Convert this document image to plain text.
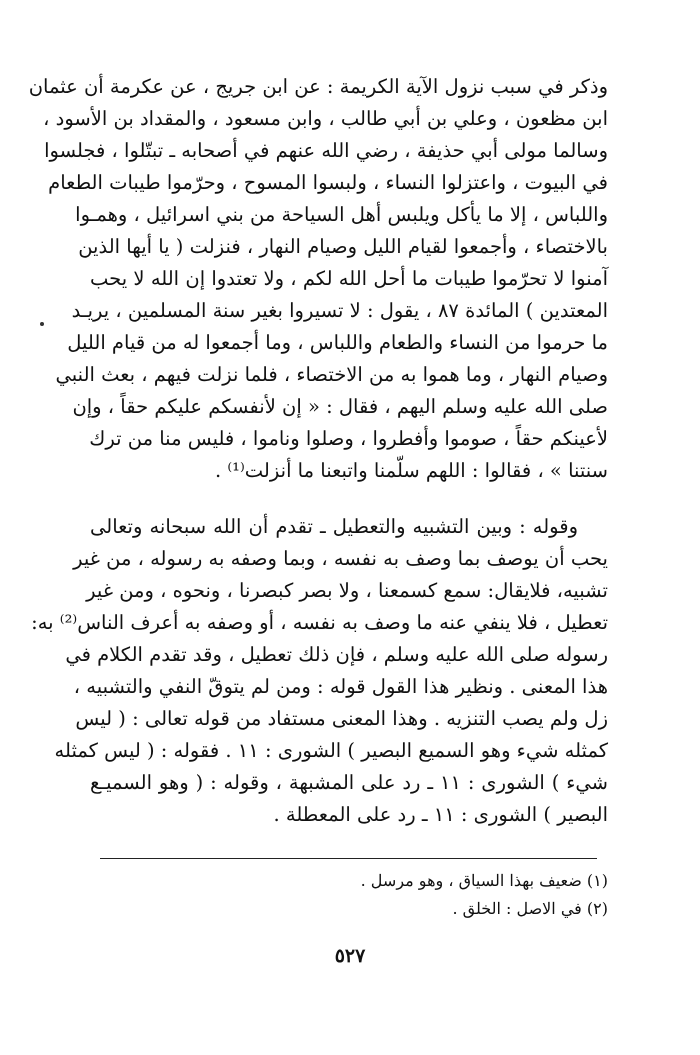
وذكر في سبب نزول الآية الكريمة : عن ابن جريج ، عن عكرمة أن عثمان
ابن مظعون ، وعلي بن أبي طالب ، وابن مسعود ، والمقداد بن الأسود ،
وسالما مولى أبي حذيفة ، رضي الله عنهم في أصحابه ـ تبتّلوا ، فجلسوا
في البيوت ، واعتزلوا النساء ، ولبسوا المسوح ، وحرّموا طيبات الطعام
واللباس ، إلا ما يأكل ويلبس أهل السياحة من بني اسرائيل ، وهمـوا
بالاختصاء ، وأجمعوا لقيام الليل وصيام النهار ، فنزلت ( يا أيها الذين
آمنوا لا تحرّموا طيبات ما أحل الله لكم ، ولا تعتدوا إن الله لا يحب
المعتدين ) المائدة ٨٧ ، يقول : لا تسيروا بغير سنة المسلمين ، يريـد
ما حرموا من النساء والطعام واللباس ، وما أجمعوا له من قيام الليل
وصيام النهار ، وما هموا به من الاختصاء ، فلما نزلت فيهم ، بعث النبي
صلى الله عليه وسلم اليهم ، فقال : « إن لأنفسكم عليكم حقاً ، وإن
لأعينكم حقاً ، صوموا وأفطروا ، وصلوا وناموا ، فليس منا من ترك
سنتنا » ، فقالوا : اللهم سلّمنا واتبعنا ما أنزلت⁽¹⁾ .
وقوله : وبين التشبيه والتعطيل ـ تقدم أن الله سبحانه وتعالى
يحب أن يوصف بما وصف به نفسه ، وبما وصفه به رسوله ، من غير
تشبيه، فلايقال: سمع كسمعنا ، ولا بصر كبصرنا ، ونحوه ، ومن غير
تعطيل ، فلا ينفي عنه ما وصف به نفسه ، أو وصفه به أعرف الناس⁽²⁾ به:
رسوله صلى الله عليه وسلم ، فإن ذلك تعطيل ، وقد تقدم الكلام في
هذا المعنى . ونظير هذا القول قوله : ومن لم يتوقّ النفي والتشبيه ،
زل ولم يصب التنزيه . وهذا المعنى مستفاد من قوله تعالى : ( ليس
كمثله شيء وهو السميع البصير ) الشورى : ١١ . فقوله : ( ليس كمثله
شيء ) الشورى : ١١ ـ رد على المشبهة ، وقوله : ( وهو السميـع
البصير ) الشورى : ١١ ـ رد على المعطلة .
(١) ضعيف بهذا السياق ، وهو مرسل .
(٢) في الاصل : الخلق .
٥٢٧
